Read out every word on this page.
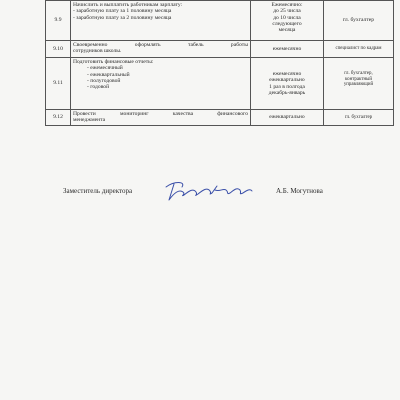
9.9	Начислить и выплатить работникам зарплату:
- заработную плату за 1 половину месяца
- заработную плату за 2 половину месяца	Ежемесячно:
до 25 числа
до 10 числа
следующего
месяца	гл. бухгалтер

9.10	Своевременно оформлять табель работы
сотрудников школы.	ежемесячно	специалист по кадрам

9.11	Подготовить финансовые отчеты:
- ежемесячный
- ежеквартальный
- полугодовой
- годовой	ежемесячно
ежеквартально
1 раз в полгода
декабрь-январь	гл. бухгалтер,
контрактный
управляющий

9.12	Провести мониторинг качества финансового
менеджмента	ежеквартально	гл. бухгалтер
Заместитель директора	А.Б. Могутнова
